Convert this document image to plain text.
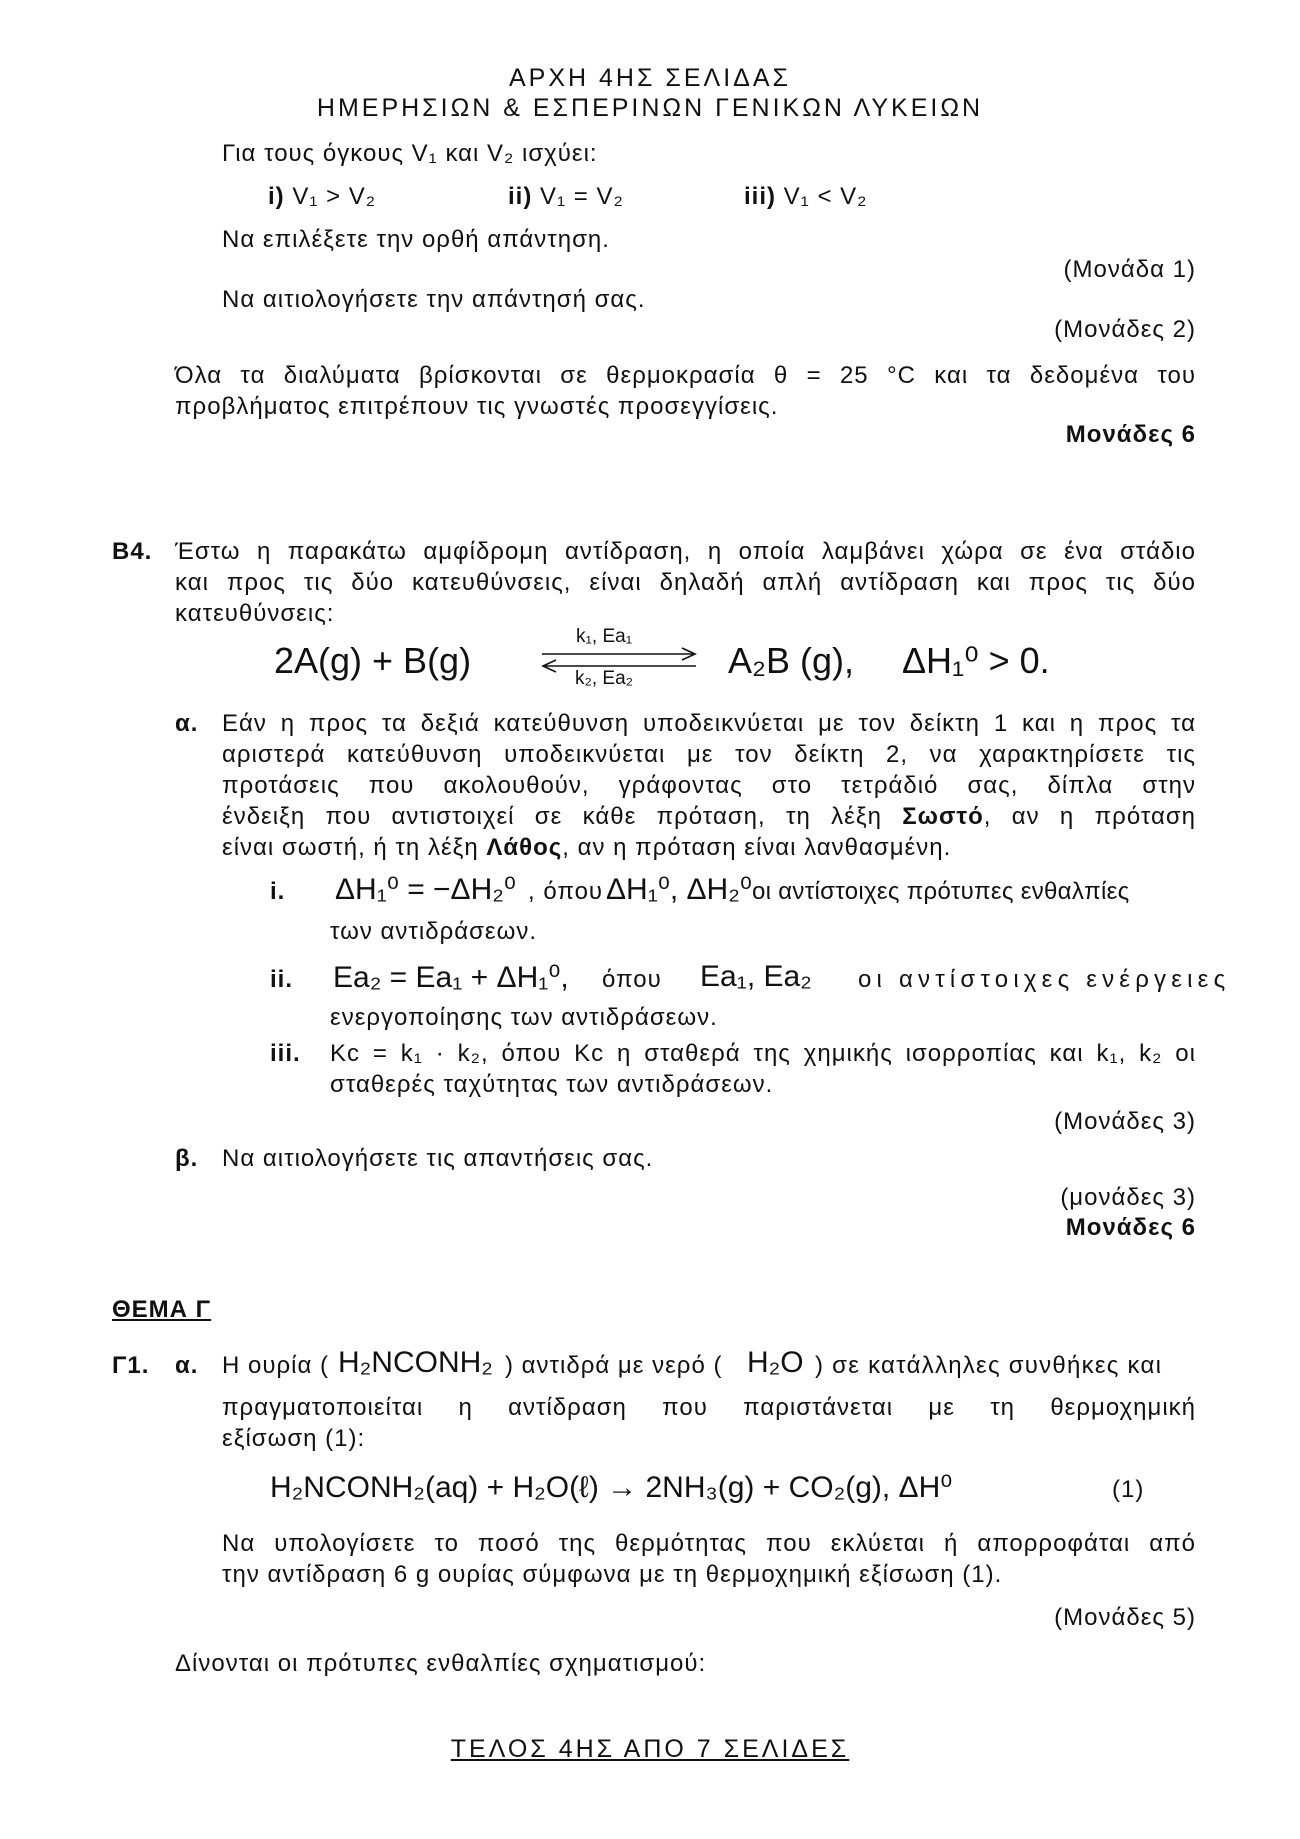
ΑΡΧΗ 4ΗΣ ΣΕΛΙΔΑΣ
ΗΜΕΡΗΣΙΩΝ & ΕΣΠΕΡΙΝΩΝ ΓΕΝΙΚΩΝ ΛΥΚΕΙΩΝ
Για τους όγκους V₁ και V₂ ισχύει:
i) V₁ > V₂	ii) V₁ = V₂	iii) V₁ < V₂
Να επιλέξετε την ορθή απάντηση.
(Μονάδα 1)
Να αιτιολογήσετε την απάντησή σας.
(Μονάδες 2)
Όλα τα διαλύματα βρίσκονται σε θερμοκρασία θ = 25 °C και τα δεδομένα του
προβλήματος επιτρέπουν τις γνωστές προσεγγίσεις.
Μονάδες 6
Β4. Έστω η παρακάτω αμφίδρομη αντίδραση, η οποία λαμβάνει χώρα σε ένα στάδιο
και προς τις δύο κατευθύνσεις, είναι δηλαδή απλή αντίδραση και προς τις δύο
κατευθύνσεις:
2A(g) + B(g)
k₁, Ea₁
k₂, Ea₂	A₂B (g), ΔH₁⁰ > 0.
α. Εάν η προς τα δεξιά κατεύθυνση υποδεικνύεται με τον δείκτη 1 και η προς τα
αριστερά κατεύθυνση υποδεικνύεται με τον δείκτη 2, να χαρακτηρίσετε τις
προτάσεις που ακολουθούν, γράφοντας στο τετράδιό σας, δίπλα στην
ένδειξη που αντιστοιχεί σε κάθε πρόταση, τη λέξη Σωστό, αν η πρόταση
είναι σωστή, ή τη λέξη Λάθος, αν η πρόταση είναι λανθασμένη.
i. ΔH₁⁰ = −ΔH₂⁰ , όπου ΔH₁⁰, ΔH₂⁰ οι αντίστοιχες πρότυπες ενθαλπίες
των αντιδράσεων.
ii. Ea₂ = Ea₁ + ΔH₁⁰, όπου Ea₁, Ea₂ οι αντίστοιχες ενέργειες
ενεργοποίησης των αντιδράσεων.
iii. Kc = k₁ · k₂, όπου Kc η σταθερά της χημικής ισορροπίας και k₁, k₂ οι
σταθερές ταχύτητας των αντιδράσεων.
(Μονάδες 3)
β. Να αιτιολογήσετε τις απαντήσεις σας.
(μονάδες 3)
Μονάδες 6
ΘΕΜΑ Γ
Γ1. α. Η ουρία ( H₂NCONH₂ ) αντιδρά με νερό ( H₂O ) σε κατάλληλες συνθήκες και
πραγματοποιείται η αντίδραση που παριστάνεται με τη θερμοχημική
εξίσωση (1):
H₂NCONH₂(aq) + H₂O(ℓ) → 2NH₃(g) + CO₂(g), ΔH⁰	(1)
Να υπολογίσετε το ποσό της θερμότητας που εκλύεται ή απορροφάται από
την αντίδραση 6 g ουρίας σύμφωνα με τη θερμοχημική εξίσωση (1).
(Μονάδες 5)
Δίνονται οι πρότυπες ενθαλπίες σχηματισμού:
ΤΕΛΟΣ 4ΗΣ ΑΠΟ 7 ΣΕΛΙΔΕΣ
